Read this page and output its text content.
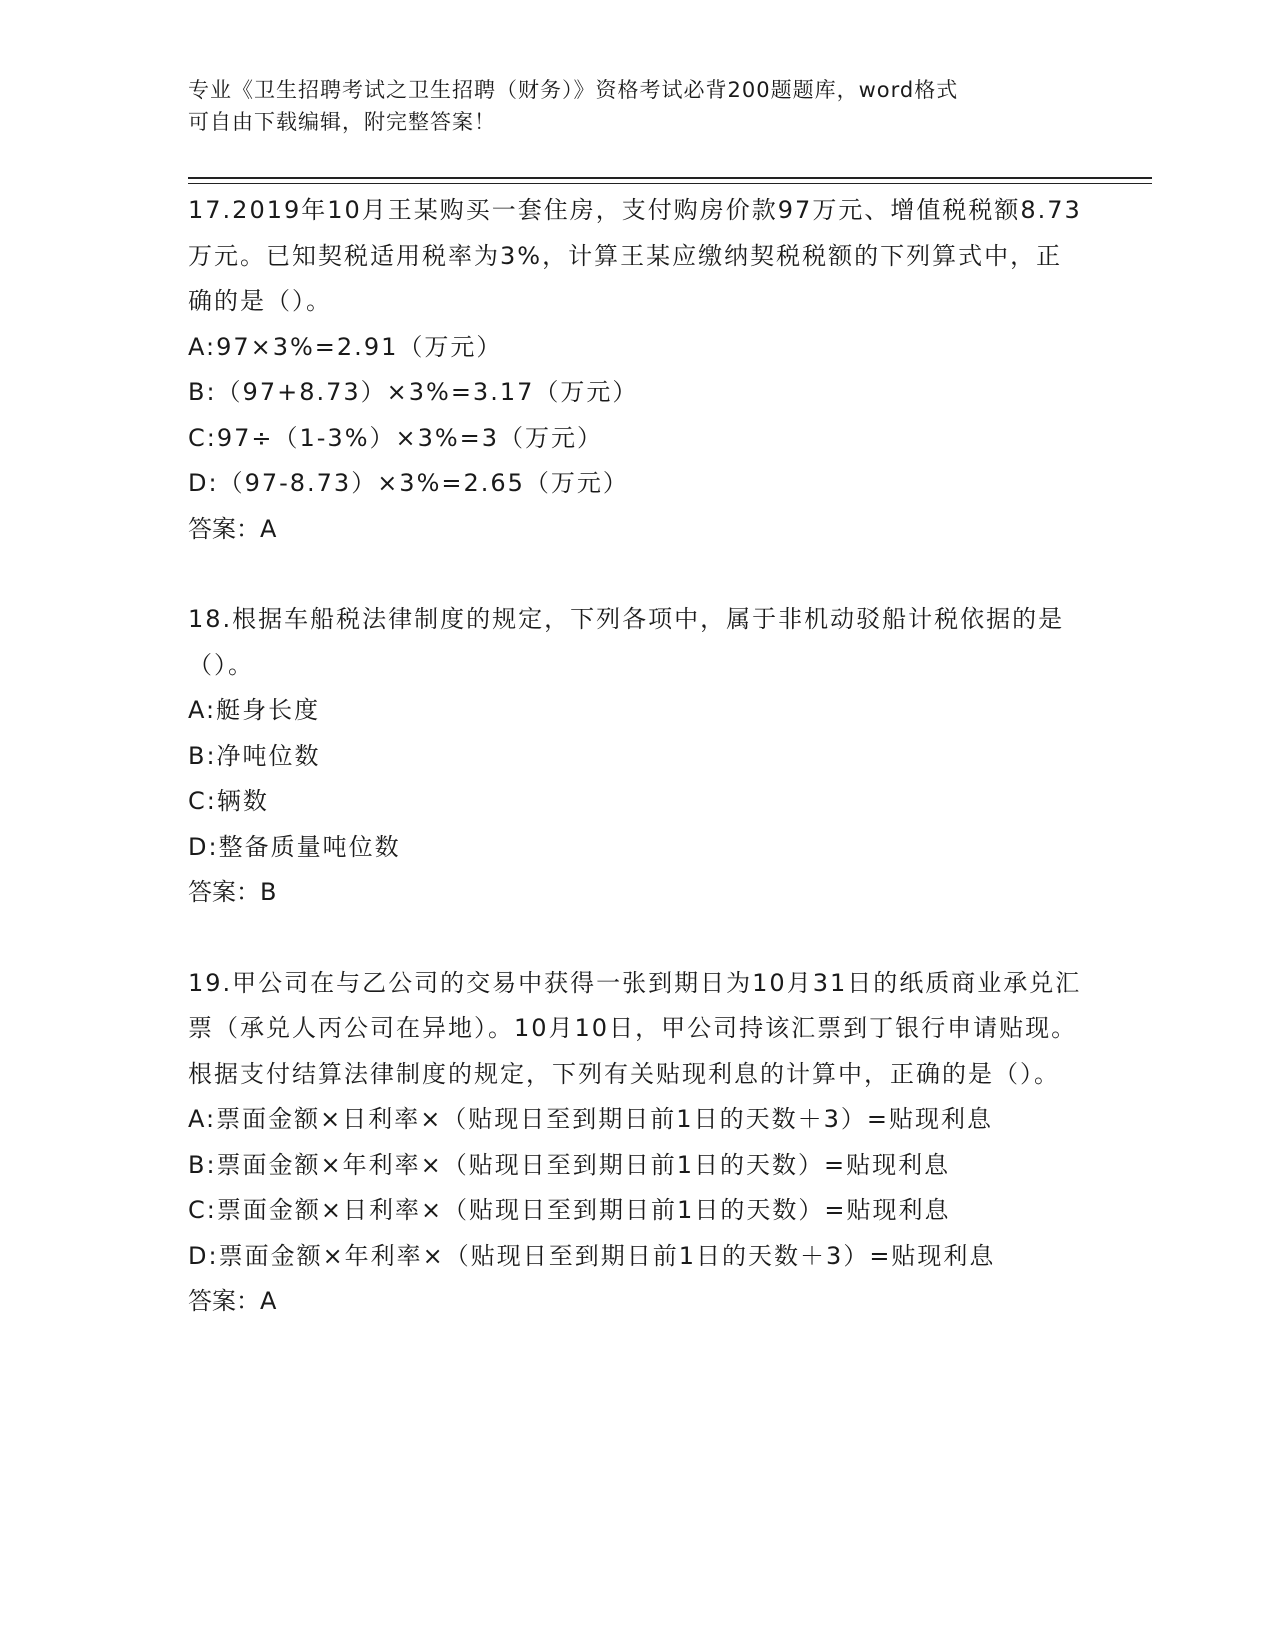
专业《卫生招聘考试之卫生招聘（财务）》资格考试必背200题题库，word格式
可自由下载编辑，附完整答案！

17.2019年10月王某购买一套住房，支付购房价款97万元、增值税税额8.73万元。已知契税适用税率为3%，计算王某应缴纳契税税额的下列算式中，正确的是（）。

A:97×3%=2.91（万元）

B:（97+8.73）×3%=3.17（万元）

C:97÷（1-3%）×3%=3（万元）

D:（97-8.73）×3%=2.65（万元）

答案：A

18.根据车船税法律制度的规定，下列各项中，属于非机动驳船计税依据的是（）。

A:艇身长度

B:净吨位数

C:辆数

D:整备质量吨位数

答案：B

19.甲公司在与乙公司的交易中获得一张到期日为10月31日的纸质商业承兑汇票（承兑人丙公司在异地）。10月10日，甲公司持该汇票到丁银行申请贴现。根据支付结算法律制度的规定，下列有关贴现利息的计算中，正确的是（）。

A:票面金额×日利率×（贴现日至到期日前1日的天数＋3）=贴现利息

B:票面金额×年利率×（贴现日至到期日前1日的天数）=贴现利息

C:票面金额×日利率×（贴现日至到期日前1日的天数）=贴现利息

D:票面金额×年利率×（贴现日至到期日前1日的天数＋3）=贴现利息

答案：A
